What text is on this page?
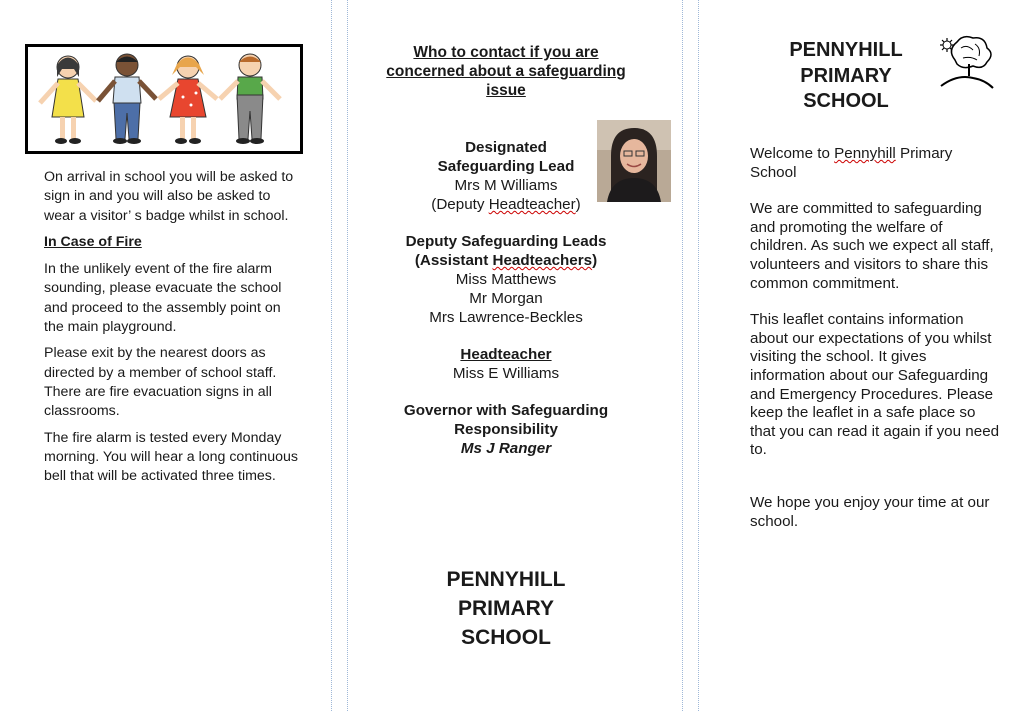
On arrival in school you will be asked to sign in and you will also be asked to wear a visitor’ s badge whilst in school.

In Case of Fire

In the unlikely event of the fire alarm sounding, please evacuate the school and proceed to the assembly point on the main playground.

Please exit by the nearest doors as directed by a member of school staff. There are fire evacuation signs in all classrooms.

The fire alarm is tested every Monday morning. You will hear a long continuous bell that will be activated three times.

Who to contact if you are concerned about a safeguarding issue
Designated
Safeguarding Lead
Mrs M Williams
(Deputy Headteacher)
Deputy Safeguarding Leads
(Assistant Headteachers)
Miss Matthews
Mr Morgan
Mrs Lawrence-Beckles
Headteacher
Miss E Williams
Governor with Safeguarding
Responsibility
Ms J Ranger
PENNYHILL
PRIMARY
SCHOOL
PENNYHILL
PRIMARY
SCHOOL

Welcome to Pennyhill Primary School

We are committed to safeguarding and promoting the welfare of children. As such we expect all staff, volunteers and visitors to share this common commitment.

This leaflet contains information about our expectations of you whilst visiting the school. It gives information about our Safeguarding and Emergency Procedures. Please keep the leaflet in a safe place so that you can read it again if you need to.

We hope you enjoy your time at our school.
